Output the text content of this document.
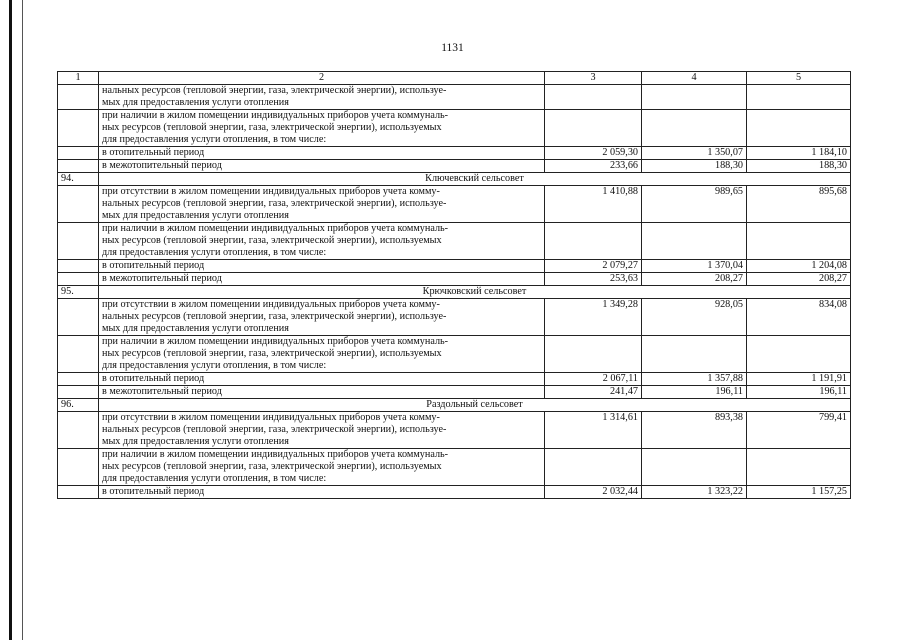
1131
1	2	3	4	5

	нальных ресурсов (тепловой энергии, газа, электрической энергии), используе-
мых для предоставления услуги отопления			

	при наличии в жилом помещении индивидуальных приборов учета коммуналь-
ных ресурсов (тепловой энергии, газа, электрической энергии), используемых
для предоставления услуги отопления, в том числе:			

	в отопительный период	2 059,30	1 350,07	1 184,10

	в межотопительный период	233,66	188,30	188,30
94.	Ключевский сельсовет			

	при отсутствии в жилом помещении индивидуальных приборов учета комму-
нальных ресурсов (тепловой энергии, газа, электрической энергии), используе-
мых для предоставления услуги отопления	1 410,88	989,65	895,68

	при наличии в жилом помещении индивидуальных приборов учета коммуналь-
ных ресурсов (тепловой энергии, газа, электрической энергии), используемых
для предоставления услуги отопления, в том числе:			

	в отопительный период	2 079,27	1 370,04	1 204,08

	в межотопительный период	253,63	208,27	208,27
95.	Крючковский сельсовет			

	при отсутствии в жилом помещении индивидуальных приборов учета комму-
нальных ресурсов (тепловой энергии, газа, электрической энергии), используе-
мых для предоставления услуги отопления	1 349,28	928,05	834,08

	при наличии в жилом помещении индивидуальных приборов учета коммуналь-
ных ресурсов (тепловой энергии, газа, электрической энергии), используемых
для предоставления услуги отопления, в том числе:			

	в отопительный период	2 067,11	1 357,88	1 191,91

	в межотопительный период	241,47	196,11	196,11
96.	Раздольный сельсовет			

	при отсутствии в жилом помещении индивидуальных приборов учета комму-
нальных ресурсов (тепловой энергии, газа, электрической энергии), используе-
мых для предоставления услуги отопления	1 314,61	893,38	799,41

	при наличии в жилом помещении индивидуальных приборов учета коммуналь-
ных ресурсов (тепловой энергии, газа, электрической энергии), используемых
для предоставления услуги отопления, в том числе:			

	в отопительный период	2 032,44	1 323,22	1 157,25
